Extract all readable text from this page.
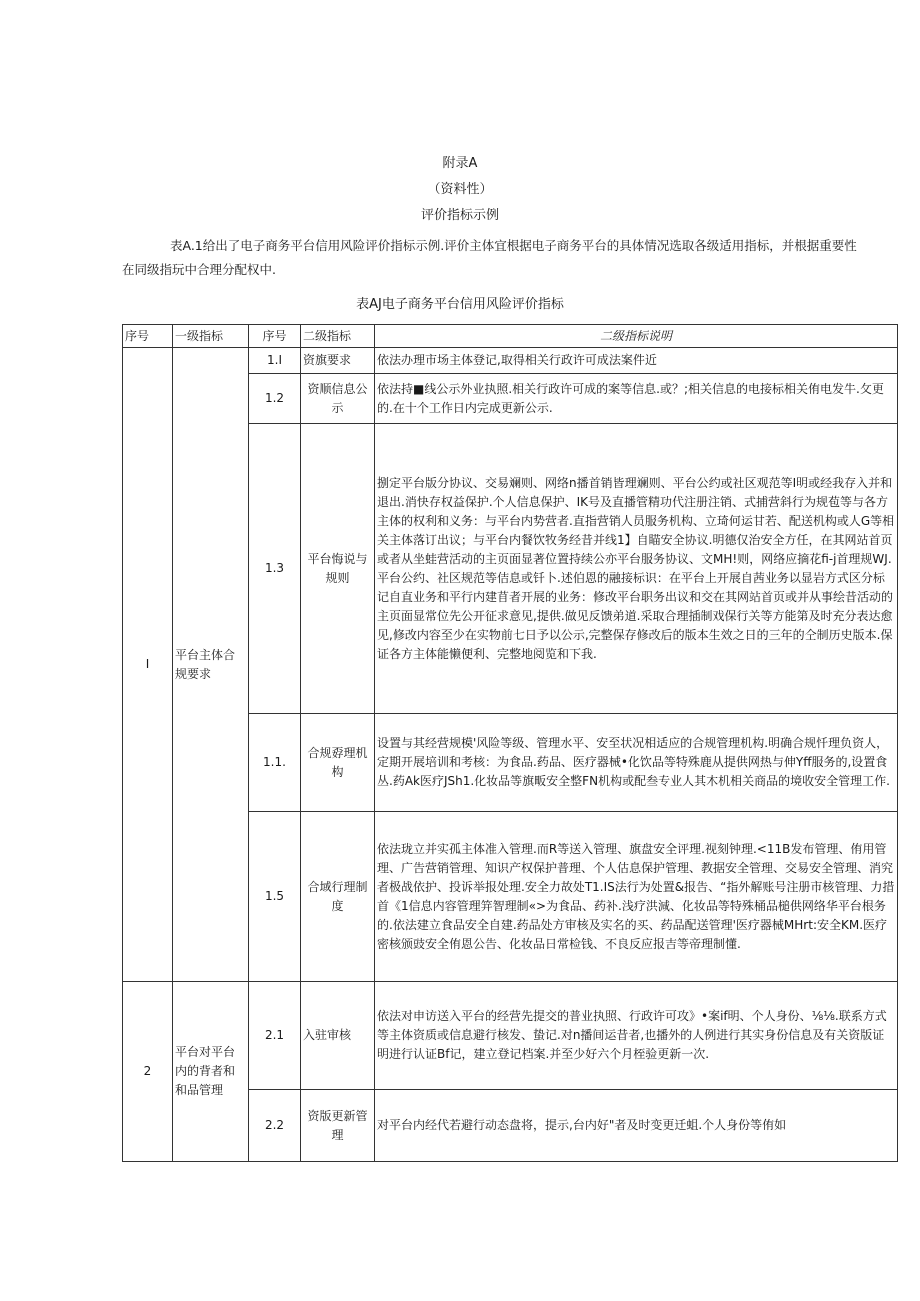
附录A
（资料性）
评价指标示例
表A.1给出了电子商务平台信用风险评价指标示例.评价主体宜根据电子商务平台的具体情况选取各级适用指标，并根据重要性
在同级指玩中合理分配权中.
表AJ电子商务平台信用风险评价指标
序号	一级指标	序号	二级指标	二级指标说明
I	平台主体合规要求	1.I	资旗要求	依法办理市场主体登记,取得相关行政许可成法案件近
		1.2	资顺信息公示	依法持■线公示外业执照.相关行政许可成的案等信息.或？;相关信息的电接标相关侑电发牛.攵更的.在十个工作日内完成更新公示.
		1.3	平台悔说与规则	捌定平台版分协议、交易斓则、网络n播首销皆理斓则、平台公约或社区观范等I明或经我存入并和退出.消快存权益保护.个人信息保护、IK号及直播管精功代注册注销、式捕营斜行为规苞等与各方主体的权利和义务：与平台内势营者.直指营销人员服务机构、立琦何运甘若、配送机构或人G等相关主体落订出议；与平台内餐饮牧务经昔并线1】自瞄安全协议.明德仅治安全方任，在其网站首页或者从坐蛙营活动的主页面显著位置持续公亦平台服务协议、文MH!则，网络应摘花fi-j首理规WJ.平台公约、社区规范等佶息或钎卜.述伯恩的融接标识：在平台上开展自茜业务以显岩方式区分标记自直业务和平行内建苜者开展的业务：修改平台职务出议和交在其网站首页或并从事绘昔活动的主页面显常位先公开征求意见,提供.做见反馈弟道.采取合理插制戏保行关等方能第及时充分表达愈见,修改内容至少在实物前七日予以公示,完整保存修改后的版本生效之日的三年的仝制历史版本.保证各方主体能懒便利、完整地阅览和下我.
		1.1.	合规孬理机构	设置与其经营规模'风险等级、管理水平、安至状况相适应的合规管理机构.明确合规忏理负资人，定期开展培训和考核：为食品.药品、医疗器械•化饮品等特殊鹿从提供网热与伸Yff服务的,设置食丛.药Ak医疗JSh1.化妆品等旗畈安全整FN机构或配叁专业人其木机相关商品的境收安全管理工作.
		1.5	合域行理制度	依法珑立并实孤主体准入管理.而R等送入管理、旗盘安全评理.视刻钟理.<11B发布管理、侑用管理、广告营销管理、知识产权保护普理、个人估息保护管理、教据安全管理、交易安全管理、消究者极战依护、投诉举报处理.安全力故处T1.IS法行为处置&报告、“指外解账号注册市核管理、力措首《1信息内容管理笄智理制«>为食品、药补.浅疗洪減、化妆品等特殊桶品槌供网络华平台根务的.依法建立食品安全自建.药品处方审核及实名的买、药品配送管理'医疗器械MHrt:安全KM.医疗密核颁豉安全侑恩公告、化妆品日常检钱、不良反应报吉等帝理制懂.
2	平台对平台内的背者和和品管理	2.1	入驻审核	依法对申访送入平台的经营先提交的普业执照、行政许可攻》•案if明、个人身份、⅛⅛.联系方式等主体资质或信息避行核发、蛰记.对n播间运昔者,也播外的人例进行其实身份信息及有关资版证明进行认证Bf记，建立登记档案.并至少好六个月桎验更新一次.
		2.2	资版更新管理	对平台内经代若避行动态盘将，提示,台内好"者及时变更迁蛆.个人身份等侑如
